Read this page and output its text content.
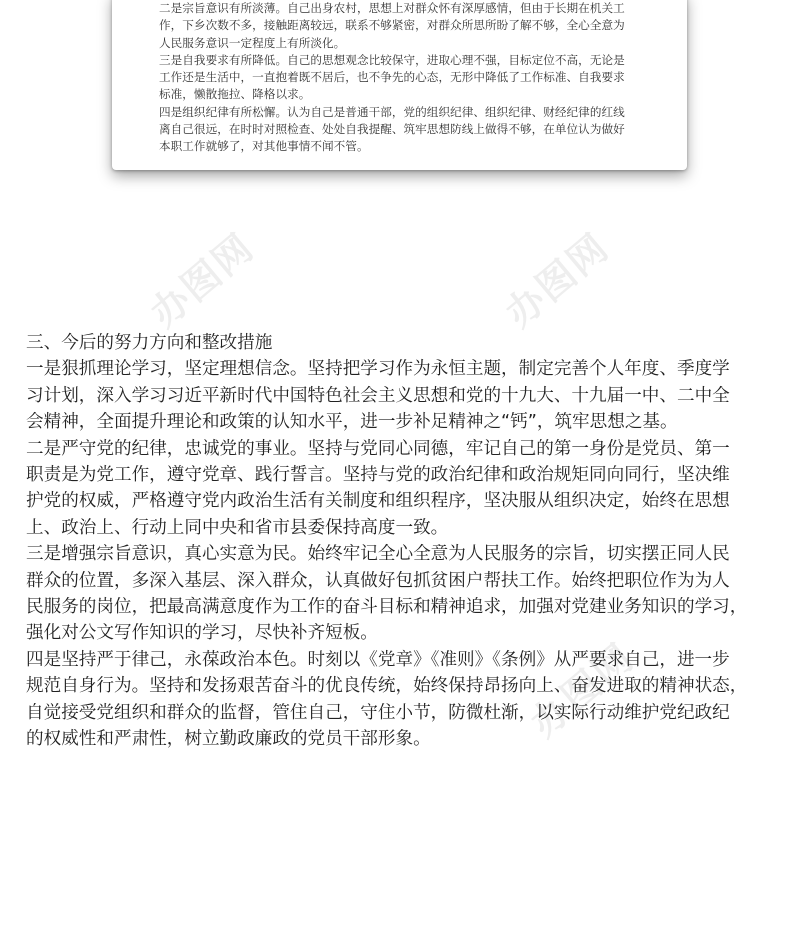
二是宗旨意识有所淡薄。自己出身农村，思想上对群众怀有深厚感情，但由于长期在机关工
作，下乡次数不多，接触距离较远，联系不够紧密，对群众所思所盼了解不够，全心全意为
人民服务意识一定程度上有所淡化。
三是自我要求有所降低。自己的思想观念比较保守，进取心理不强，目标定位不高，无论是
工作还是生活中，一直抱着既不居后，也不争先的心态，无形中降低了工作标准、自我要求
标准，懒散拖拉、降格以求。
四是组织纪律有所松懈。认为自己是普通干部，党的组织纪律、组织纪律、财经纪律的红线
离自己很远，在时时对照检查、处处自我提醒、筑牢思想防线上做得不够，在单位认为做好
本职工作就够了，对其他事情不闻不管。
办图网	办图网
办图网
三、今后的努力方向和整改措施
一是狠抓理论学习，坚定理想信念。坚持把学习作为永恒主题，制定完善个人年度、季度学
习计划，深入学习习近平新时代中国特色社会主义思想和党的十九大、十九届一中、二中全
会精神，全面提升理论和政策的认知水平，进一步补足精神之“钙”，筑牢思想之基。
二是严守党的纪律，忠诚党的事业。坚持与党同心同德，牢记自己的第一身份是党员、第一
职责是为党工作，遵守党章、践行誓言。坚持与党的政治纪律和政治规矩同向同行，坚决维
护党的权威，严格遵守党内政治生活有关制度和组织程序，坚决服从组织决定，始终在思想
上、政治上、行动上同中央和省市县委保持高度一致。
三是增强宗旨意识，真心实意为民。始终牢记全心全意为人民服务的宗旨，切实摆正同人民
群众的位置，多深入基层、深入群众，认真做好包抓贫困户帮扶工作。始终把职位作为为人
民服务的岗位，把最高满意度作为工作的奋斗目标和精神追求，加强对党建业务知识的学习，
强化对公文写作知识的学习，尽快补齐短板。
四是坚持严于律己，永葆政治本色。时刻以《党章》《准则》《条例》从严要求自己，进一步
规范自身行为。坚持和发扬艰苦奋斗的优良传统，始终保持昂扬向上、奋发进取的精神状态，
自觉接受党组织和群众的监督，管住自己，守住小节，防微杜渐，以实际行动维护党纪政纪
的权威性和严肃性，树立勤政廉政的党员干部形象。
